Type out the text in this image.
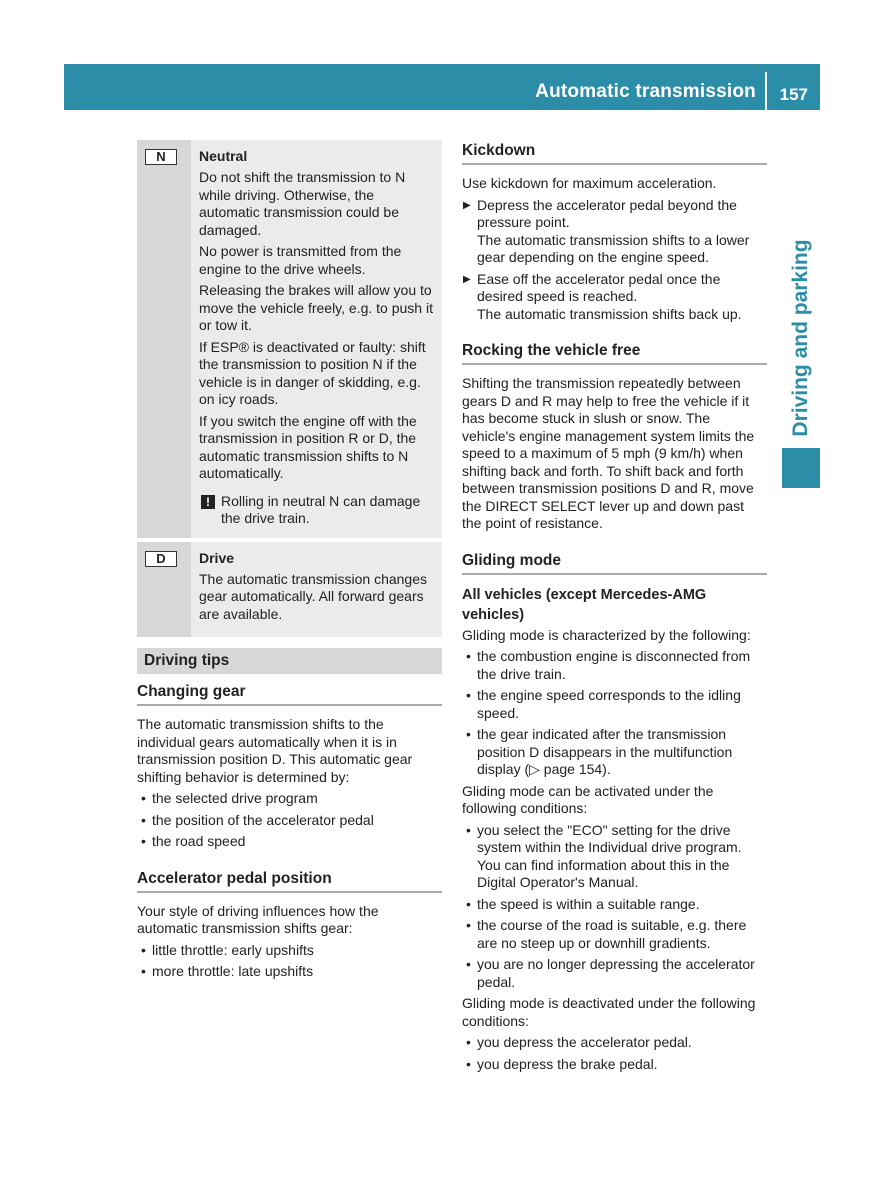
Automatic transmission 157
Driving and parking
N	Neutral

Do not shift the transmission to N while driving. Otherwise, the automatic transmission could be damaged.

No power is transmitted from the engine to the drive wheels.

Releasing the brakes will allow you to move the vehicle freely, e.g. to push it or tow it.

If ESP® is deactivated or faulty: shift the transmission to position N if the vehicle is in danger of skidding, e.g. on icy roads.

If you switch the engine off with the transmission in position R or D, the automatic transmission shifts to N automatically.

! Rolling in neutral N can damage the drive train.
D	Drive

The automatic transmission changes gear automatically. All forward gears are available.

Driving tips
Changing gear

The automatic transmission shifts to the individual gears automatically when it is in transmission position D. This automatic gear shifting behavior is determined by:

• the selected drive program

• the position of the accelerator pedal

• the road speed

Accelerator pedal position

Your style of driving influences how the automatic transmission shifts gear:

• little throttle: early upshifts

• more throttle: late upshifts

Kickdown

Use kickdown for maximum acceleration.

▶ Depress the accelerator pedal beyond the pressure point.
The automatic transmission shifts to a lower gear depending on the engine speed.
▶ Ease off the accelerator pedal once the desired speed is reached.
The automatic transmission shifts back up.
Rocking the vehicle free

Shifting the transmission repeatedly between gears D and R may help to free the vehicle if it has become stuck in slush or snow. The vehicle's engine management system limits the speed to a maximum of 5 mph (9 km/h) when shifting back and forth. To shift back and forth between transmission positions D and R, move the DIRECT SELECT lever up and down past the point of resistance.

Gliding mode
All vehicles (except Mercedes-AMG vehicles)

Gliding mode is characterized by the following:

• the combustion engine is disconnected from the drive train.

• the engine speed corresponds to the idling speed.

• the gear indicated after the transmission position D disappears in the multifunction display (▷ page 154).

Gliding mode can be activated under the following conditions:

• you select the "ECO" setting for the drive system within the Individual drive program. You can find information about this in the Digital Operator's Manual.

• the speed is within a suitable range.

• the course of the road is suitable, e.g. there are no steep up or downhill gradients.

• you are no longer depressing the accelerator pedal.

Gliding mode is deactivated under the following conditions:

• you depress the accelerator pedal.

• you depress the brake pedal.
